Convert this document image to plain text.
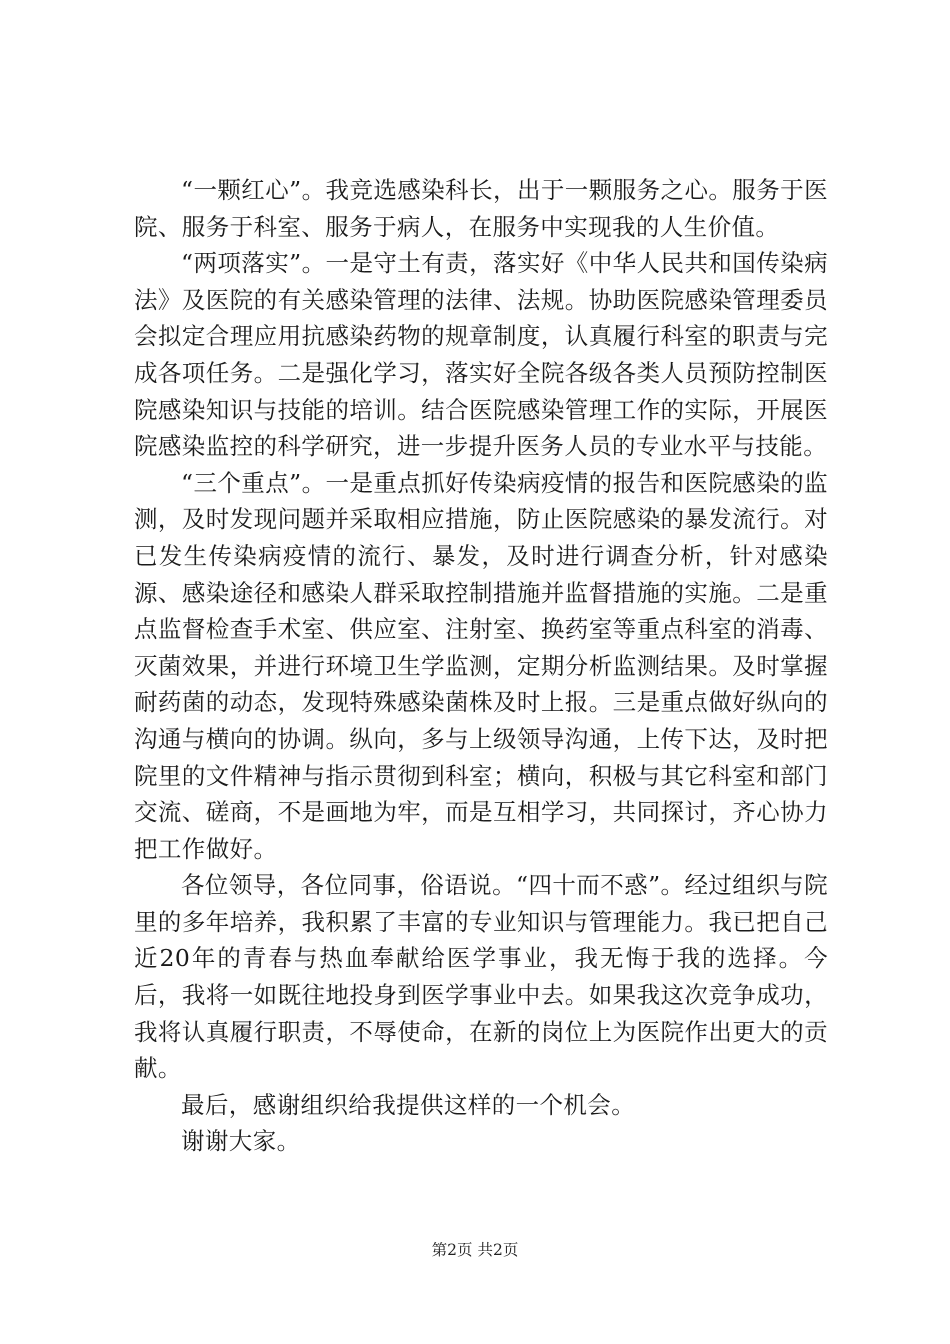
“一颗红心”。我竞选感染科长，出于一颗服务之心。服务于医院、服务于科室、服务于病人，在服务中实现我的人生价值。

“两项落实”。一是守土有责，落实好《中华人民共和国传染病法》及医院的有关感染管理的法律、法规。协助医院感染管理委员会拟定合理应用抗感染药物的规章制度，认真履行科室的职责与完成各项任务。二是强化学习，落实好全院各级各类人员预防控制医院感染知识与技能的培训。结合医院感染管理工作的实际，开展医院感染监控的科学研究，进一步提升医务人员的专业水平与技能。

“三个重点”。一是重点抓好传染病疫情的报告和医院感染的监测，及时发现问题并采取相应措施，防止医院感染的暴发流行。对已发生传染病疫情的流行、暴发，及时进行调查分析，针对感染源、感染途径和感染人群采取控制措施并监督措施的实施。二是重点监督检查手术室、供应室、注射室、换药室等重点科室的消毒、灭菌效果，并进行环境卫生学监测，定期分析监测结果。及时掌握耐药菌的动态，发现特殊感染菌株及时上报。三是重点做好纵向的沟通与横向的协调。纵向，多与上级领导沟通，上传下达，及时把院里的文件精神与指示贯彻到科室；横向，积极与其它科室和部门交流、磋商，不是画地为牢，而是互相学习，共同探讨，齐心协力把工作做好。

各位领导，各位同事，俗语说。“四十而不惑”。经过组织与院里的多年培养，我积累了丰富的专业知识与管理能力。我已把自己近20年的青春与热血奉献给医学事业，我无悔于我的选择。今后，我将一如既往地投身到医学事业中去。如果我这次竞争成功，我将认真履行职责，不辱使命，在新的岗位上为医院作出更大的贡献。

最后，感谢组织给我提供这样的一个机会。

谢谢大家。

第2页 共2页
